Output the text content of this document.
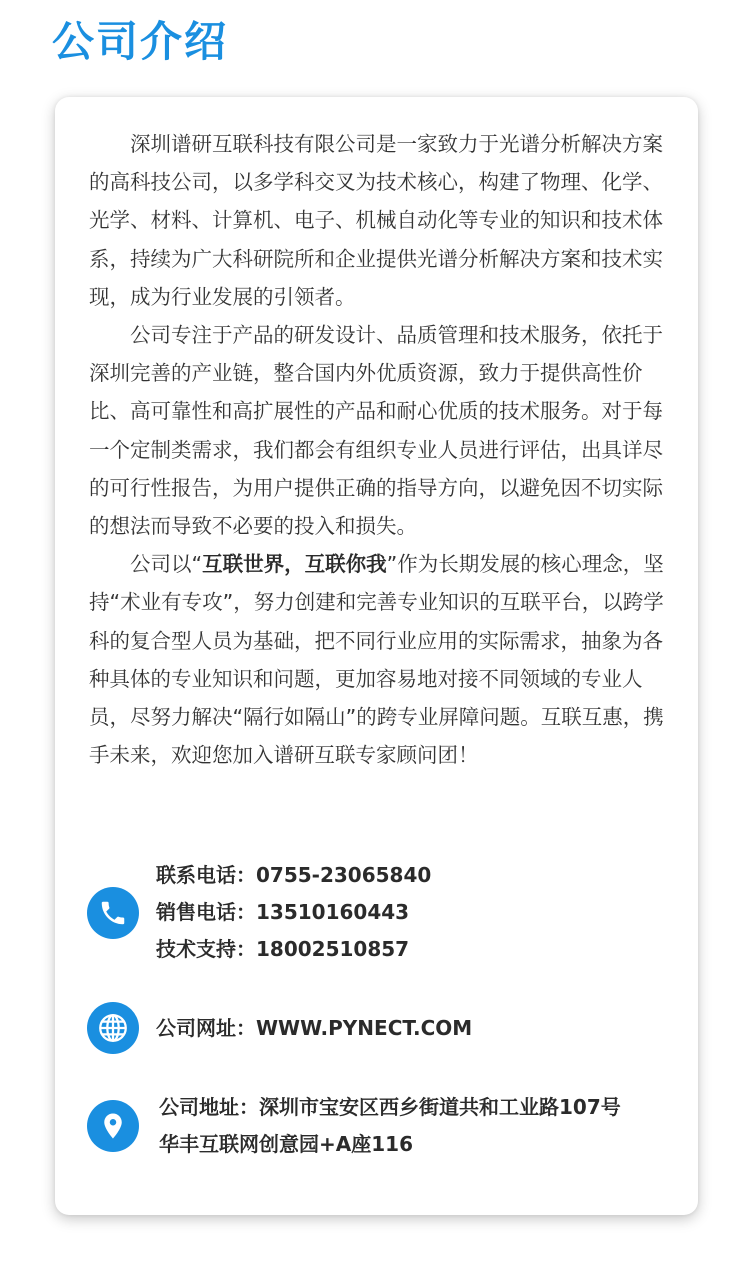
公司介绍

深圳谱研互联科技有限公司是一家致力于光谱分析解决方案的高科技公司，以多学科交叉为技术核心，构建了物理、化学、光学、材料、计算机、电子、机械自动化等专业的知识和技术体系，持续为广大科研院所和企业提供光谱分析解决方案和技术实现，成为行业发展的引领者。

公司专注于产品的研发设计、品质管理和技术服务，依托于深圳完善的产业链，整合国内外优质资源，致力于提供高性价比、高可靠性和高扩展性的产品和耐心优质的技术服务。对于每一个定制类需求，我们都会有组织专业人员进行评估，出具详尽的可行性报告，为用户提供正确的指导方向，以避免因不切实际的想法而导致不必要的投入和损失。

公司以“互联世界，互联你我”作为长期发展的核心理念，坚持“术业有专攻”，努力创建和完善专业知识的互联平台，以跨学科的复合型人员为基础，把不同行业应用的实际需求，抽象为各种具体的专业知识和问题，更加容易地对接不同领域的专业人员，尽努力解决“隔行如隔山”的跨专业屏障问题。互联互惠，携手未来，欢迎您加入谱研互联专家顾问团！

联系电话：0755-23065840
销售电话：13510160443
技术支持：18002510857
公司网址：WWW.PYNECT.COM
公司地址：深圳市宝安区西乡街道共和工业路107号
华丰互联网创意园+A座116
